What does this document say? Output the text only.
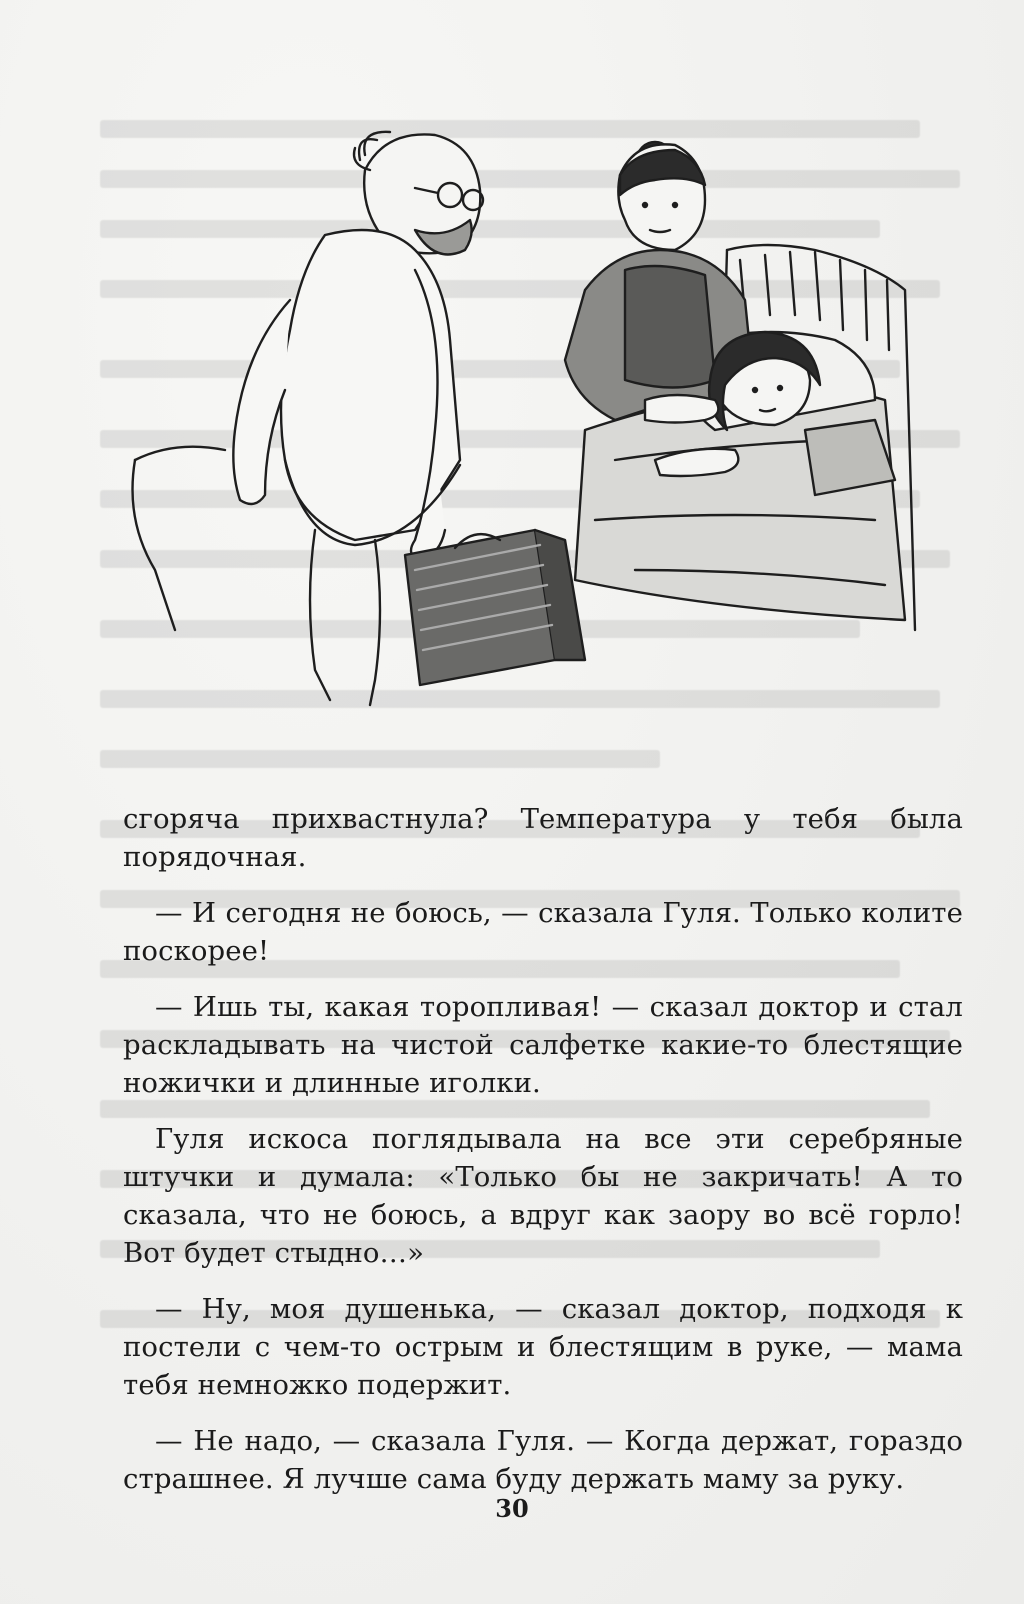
сгоряча прихвастнула? Температура у тебя была порядочная.

— И сегодня не боюсь, — сказала Гуля. Только колите поскорее!

— Ишь ты, какая торопливая! — сказал доктор и стал раскладывать на чистой салфетке какие-то блестящие ножички и длинные иголки.

Гуля искоса поглядывала на все эти серебряные штучки и думала: «Только бы не закричать! А то сказала, что не боюсь, а вдруг как заору во всё горло! Вот будет стыдно…»

— Ну, моя душенька, — сказал доктор, подходя к постели с чем-то острым и блестящим в руке, — мама тебя немножко подержит.

— Не надо, — сказала Гуля. — Когда держат, гораздо страшнее. Я лучше сама буду держать маму за руку.

30
